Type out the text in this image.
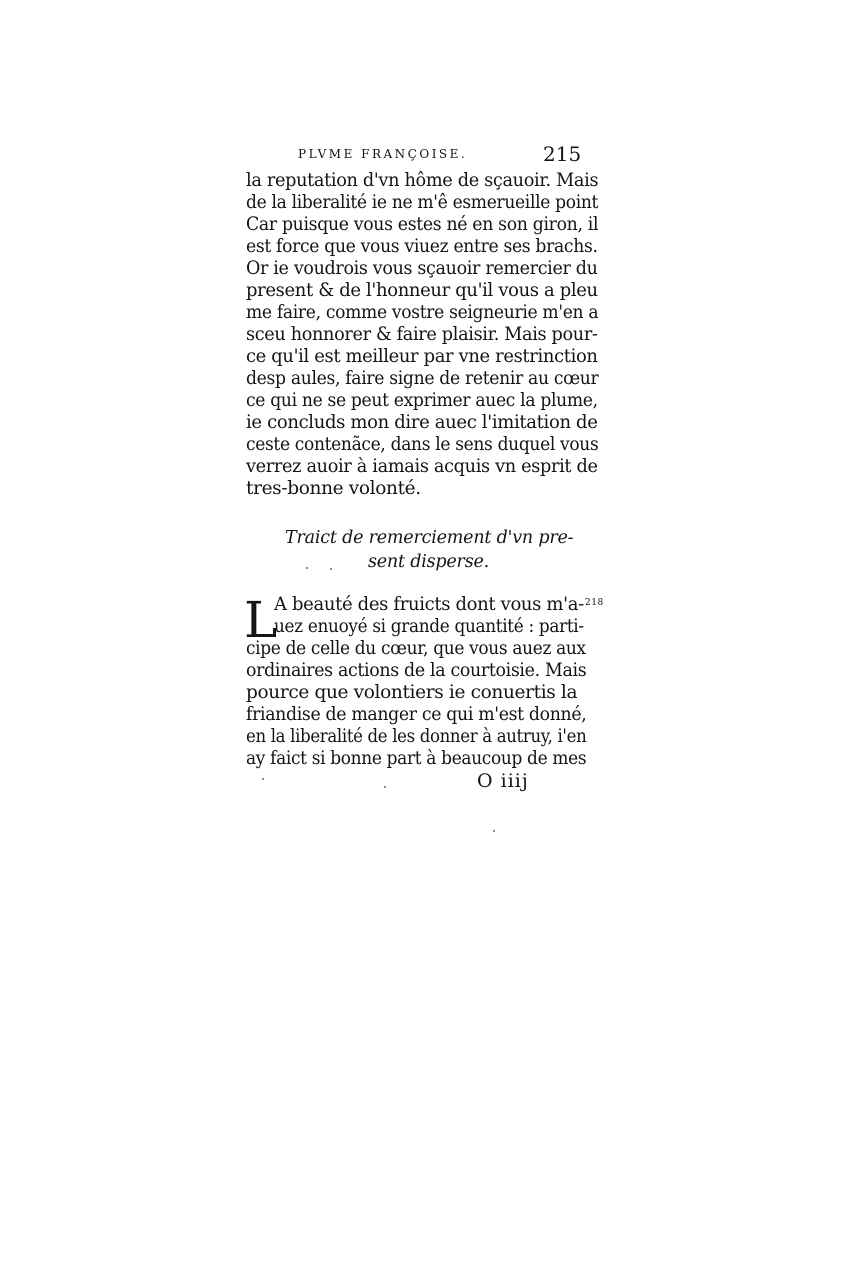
PLVME FRANÇOISE.	215
la reputation d'vn hôme de sçauoir. Mais
de la liberalité ie ne m'ê esmerueille point
Car puisque vous estes né en son giron, il
est force que vous viuez entre ses brachs.
Or ie voudrois vous sçauoir remercier du
present & de l'honneur qu'il vous a pleu
me faire, comme vostre seigneurie m'en a
sceu honnorer & faire plaisir. Mais pour-
ce qu'il est meilleur par vne restrinction
desp aules, faire signe de retenir au cœur
ce qui ne se peut exprimer auec la plume,
ie concluds mon dire auec l'imitation de
ceste contenãce, dans le sens duquel vous
verrez auoir à iamais acquis vn esprit de
tres-bonne volonté.
Traict de remerciement d'vn pre-
sent disperse.
L	218
A beauté des fruicts dont vous m'a-
uez enuoyé si grande quantité : parti-
cipe de celle du cœur, que vous auez aux
ordinaires actions de la courtoisie. Mais
pource que volontiers ie conuertis la
friandise de manger ce qui m'est donné,
en la liberalité de les donner à autruy, i'en
ay faict si bonne part à beaucoup de mes
O iiij
